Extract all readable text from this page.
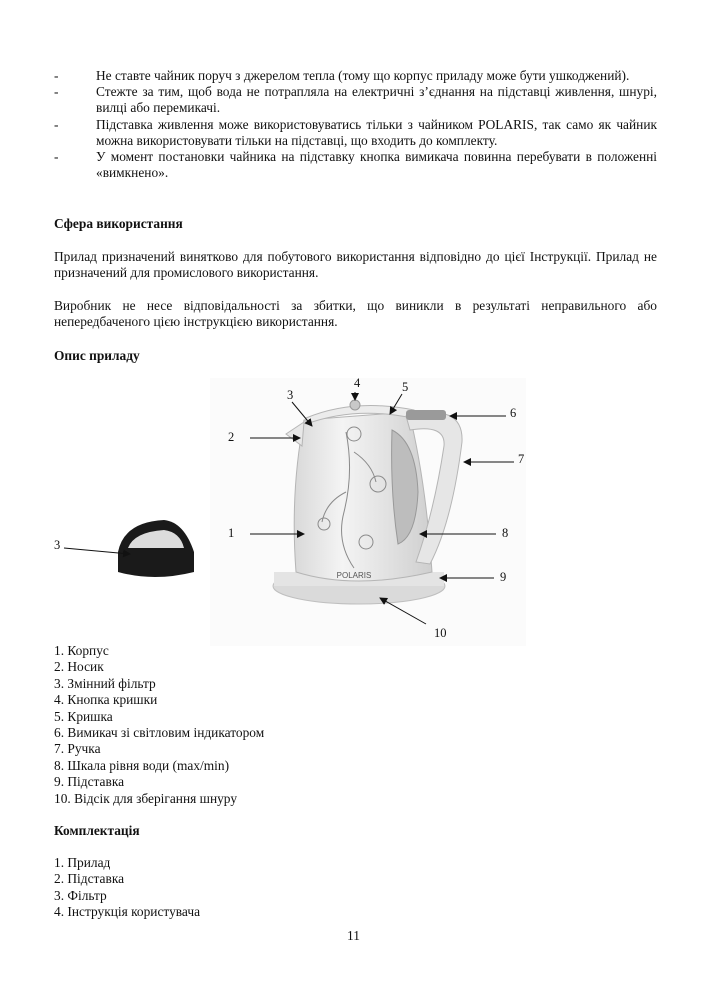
-	Не ставте чайник поруч з джерелом тепла (тому що корпус приладу може бути ушкоджений).
-	Стежте за тим, щоб вода не потрапляла на електричні з’єднання на підставці живлення, шнурі, вилці або перемикачі.
-	Підставка живлення може використовуватись тільки з чайником POLARIS, так само як чайник можна використовувати тільки на підставці, що входить до комплекту.
-	У момент постановки чайника на підставку кнопка вимикача повинна перебувати в положенні «вимкнено».
Сфера використання
Прилад призначений винятково для побутового використання відповідно до цієї Інструкції. Прилад не призначений для промислового використання.
Виробник не несе відповідальності за збитки, що виникли в результаті неправильного або непередбаченого цією інструкцією використання.
Опис приладу
POLARIS
1
2
3
4	5
6
7
8
9
10
3
1. Корпус
2. Носик
3. Змінний фільтр
4. Кнопка кришки
5. Кришка
6. Вимикач зі світловим індикатором
7. Ручка
8. Шкала рівня води (max/min)
9. Підставка
10. Відсік для зберігання шнуру
Комплектація
1. Прилад
2. Підставка
3. Фільтр
4. Інструкція користувача
11
